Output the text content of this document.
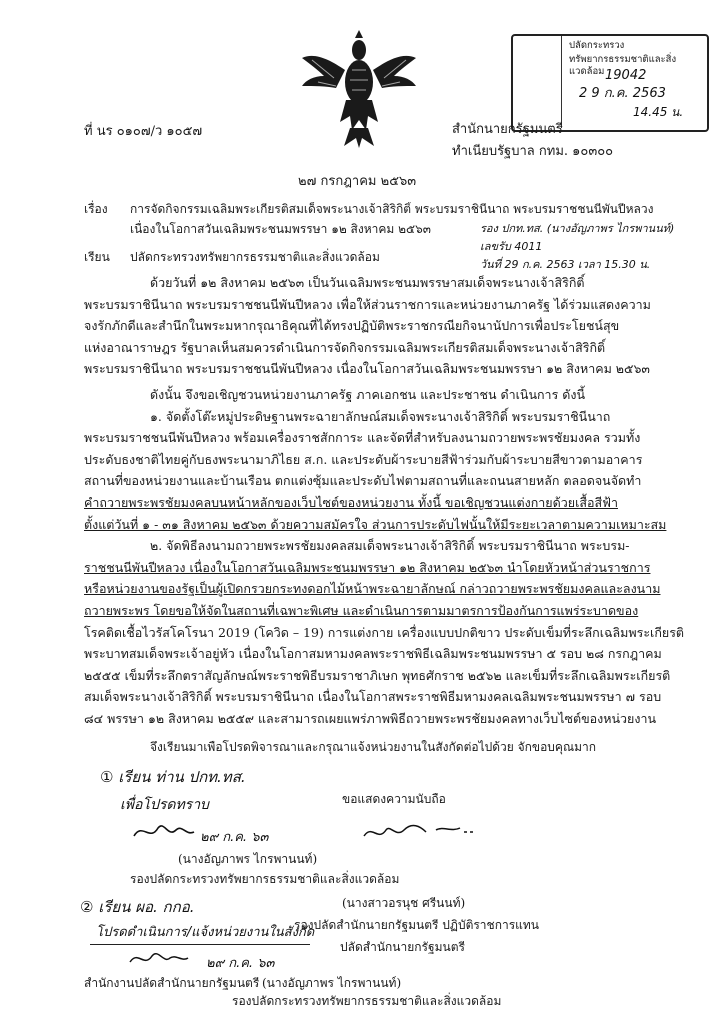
ปลัดกระทรวง
ทรัพยากรธรรมชาติและสิ่งแวดล้อม 19042
2 9 ก.ค. 2563
14.45 น.
ที่ นร ๐๑๐๗/ว ๑๐๕๗	สำนักนายกรัฐมนตรี
ทำเนียบรัฐบาล กทม. ๑๐๓๐๐
๒๗ กรกฎาคม ๒๕๖๓
เรื่อง การจัดกิจกรรมเฉลิมพระเกียรติสมเด็จพระนางเจ้าสิริกิติ์ พระบรมราชินีนาถ พระบรมราชชนนีพันปีหลวง
เนื่องในโอกาสวันเฉลิมพระชนมพรรษา ๑๒ สิงหาคม ๒๕๖๓
เรียน ปลัดกระทรวงทรัพยากรธรรมชาติและสิ่งแวดล้อม
รอง ปกท.ทส. (นางอัญภาพร ไกรพานนท์)
เลขรับ 4011
วันที่ 29 ก.ค. 2563 เวลา 15.30 น.
ด้วยวันที่ ๑๒ สิงหาคม ๒๕๖๓ เป็นวันเฉลิมพระชนมพรรษาสมเด็จพระนางเจ้าสิริกิติ์
พระบรมราชินีนาถ พระบรมราชชนนีพันปีหลวง เพื่อให้ส่วนราชการและหน่วยงานภาครัฐ ได้ร่วมแสดงความ
จงรักภักดีและสำนึกในพระมหากรุณาธิคุณที่ได้ทรงปฏิบัติพระราชกรณียกิจนานัปการเพื่อประโยชน์สุข
แห่งอาณาราษฎร รัฐบาลเห็นสมควรดำเนินการจัดกิจกรรมเฉลิมพระเกียรติสมเด็จพระนางเจ้าสิริกิติ์
พระบรมราชินีนาถ พระบรมราชชนนีพันปีหลวง เนื่องในโอกาสวันเฉลิมพระชนมพรรษา ๑๒ สิงหาคม ๒๕๖๓
ดังนั้น จึงขอเชิญชวนหน่วยงานภาครัฐ ภาคเอกชน และประชาชน ดำเนินการ ดังนี้
๑. จัดตั้งโต๊ะหมู่ประดิษฐานพระฉายาลักษณ์สมเด็จพระนางเจ้าสิริกิติ์ พระบรมราชินีนาถ
พระบรมราชชนนีพันปีหลวง พร้อมเครื่องราชสักการะ และจัดที่สำหรับลงนามถวายพระพรชัยมงคล รวมทั้ง
ประดับธงชาติไทยคู่กับธงพระนามาภิไธย ส.ก. และประดับผ้าระบายสีฟ้าร่วมกับผ้าระบายสีขาวตามอาคาร
สถานที่ของหน่วยงานและบ้านเรือน ตกแต่งซุ้มและประดับไฟตามสถานที่และถนนสายหลัก ตลอดจนจัดทำ
คำถวายพระพรชัยมงคลบนหน้าหลักของเว็บไซต์ของหน่วยงาน ทั้งนี้ ขอเชิญชวนแต่งกายด้วยเสื้อสีฟ้า
ตั้งแต่วันที่ ๑ - ๓๑ สิงหาคม ๒๕๖๓ ด้วยความสมัครใจ ส่วนการประดับไฟนั้นให้มีระยะเวลาตามความเหมาะสม
๒. จัดพิธีลงนามถวายพระพรชัยมงคลสมเด็จพระนางเจ้าสิริกิติ์ พระบรมราชินีนาถ พระบรม-
ราชชนนีพันปีหลวง เนื่องในโอกาสวันเฉลิมพระชนมพรรษา ๑๒ สิงหาคม ๒๕๖๓ นำโดยหัวหน้าส่วนราชการ
หรือหน่วยงานของรัฐเป็นผู้เปิดกรวยกระทงดอกไม้หน้าพระฉายาลักษณ์ กล่าวถวายพระพรชัยมงคลและลงนาม
ถวายพระพร โดยขอให้จัดในสถานที่เฉพาะพิเศษ และดำเนินการตามมาตรการป้องกันการแพร่ระบาดของ
โรคติดเชื้อไวรัสโคโรนา 2019 (โควิด – 19) การแต่งกาย เครื่องแบบปกติขาว ประดับเข็มที่ระลึกเฉลิมพระเกียรติ
พระบาทสมเด็จพระเจ้าอยู่หัว เนื่องในโอกาสมหามงคลพระราชพิธีเฉลิมพระชนมพรรษา ๕ รอบ ๒๘ กรกฎาคม
๒๕๕๕ เข็มที่ระลึกตราสัญลักษณ์พระราชพิธีบรมราชาภิเษก พุทธศักราช ๒๕๖๒ และเข็มที่ระลึกเฉลิมพระเกียรติ
สมเด็จพระนางเจ้าสิริกิติ์ พระบรมราชินีนาถ เนื่องในโอกาสพระราชพิธีมหามงคลเฉลิมพระชนมพรรษา ๗ รอบ
๘๔ พรรษา ๑๒ สิงหาคม ๒๕๕๙ และสามารถเผยแพร่ภาพพิธีถวายพระพรชัยมงคลทางเว็บไซต์ของหน่วยงาน
จึงเรียนมาเพื่อโปรดพิจารณาและกรุณาแจ้งหน่วยงานในสังกัดต่อไปด้วย จักขอบคุณมาก
① เรียน ท่าน ปกท.ทส.
เพื่อโปรดทราบ
๒๙ ก.ค. ๖๓
(นางอัญภาพร ไกรพานนท์)
รองปลัดกระทรวงทรัพยากรธรรมชาติและสิ่งแวดล้อม
ขอแสดงความนับถือ
(นางสาวอรนุช ศรีนนท์)
รองปลัดสำนักนายกรัฐมนตรี ปฏิบัติราชการแทน
ปลัดสำนักนายกรัฐมนตรี
② เรียน ผอ. กกอ.
โปรดดำเนินการ/แจ้งหน่วยงานในสังกัด
๒๙ ก.ค. ๖๓
สำนักงานปลัดสำนักนายกรัฐมนตรี (นางอัญภาพร ไกรพานนท์)
รองปลัดกระทรวงทรัพยากรธรรมชาติและสิ่งแวดล้อม
